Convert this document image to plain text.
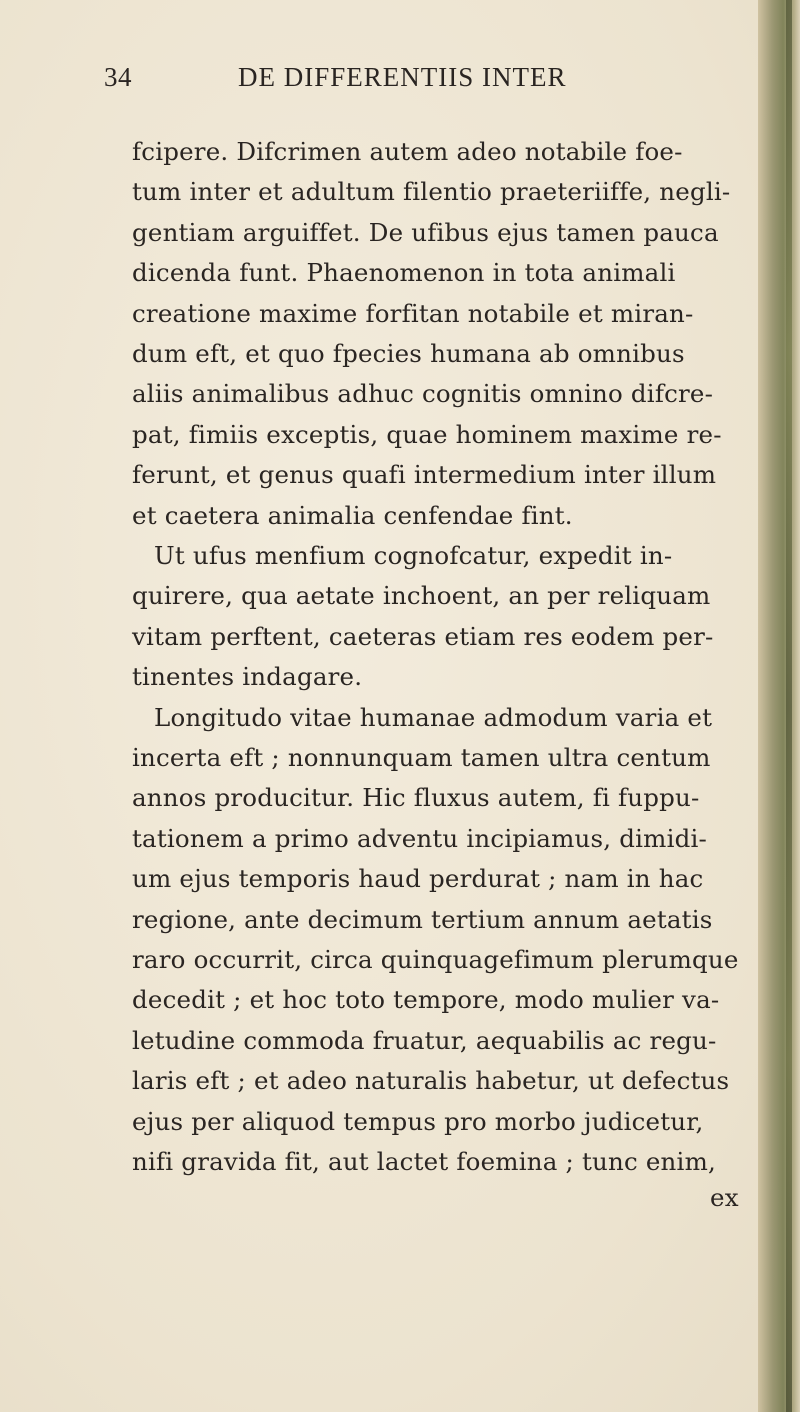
34	DE DIFFERENTIIS INTER
fcipere. Difcrimen autem adeo notabile foe-
tum inter et adultum filentio praeteriiffe, negli-
gentiam arguiffet. De ufibus ejus tamen pauca
dicenda funt. Phaenomenon in tota animali
creatione maxime forfitan notabile et miran-
dum eft, et quo fpecies humana ab omnibus
aliis animalibus adhuc cognitis omnino difcre-
pat, fimiis exceptis, quae hominem maxime re-
ferunt, et genus quafi intermedium inter illum
et caetera animalia cenfendae fint.
Ut ufus menfium cognofcatur, expedit in-
quirere, qua aetate inchoent, an per reliquam
vitam perftent, caeteras etiam res eodem per-
tinentes indagare.
Longitudo vitae humanae admodum varia et
incerta eft ; nonnunquam tamen ultra centum
annos producitur. Hic fluxus autem, fi fuppu-
tationem a primo adventu incipiamus, dimidi-
um ejus temporis haud perdurat ; nam in hac
regione, ante decimum tertium annum aetatis
raro occurrit, circa quinquagefimum plerumque
decedit ; et hoc toto tempore, modo mulier va-
letudine commoda fruatur, aequabilis ac regu-
laris eft ; et adeo naturalis habetur, ut defectus
ejus per aliquod tempus pro morbo judicetur,
nifi gravida fit, aut lactet foemina ; tunc enim,
ex
